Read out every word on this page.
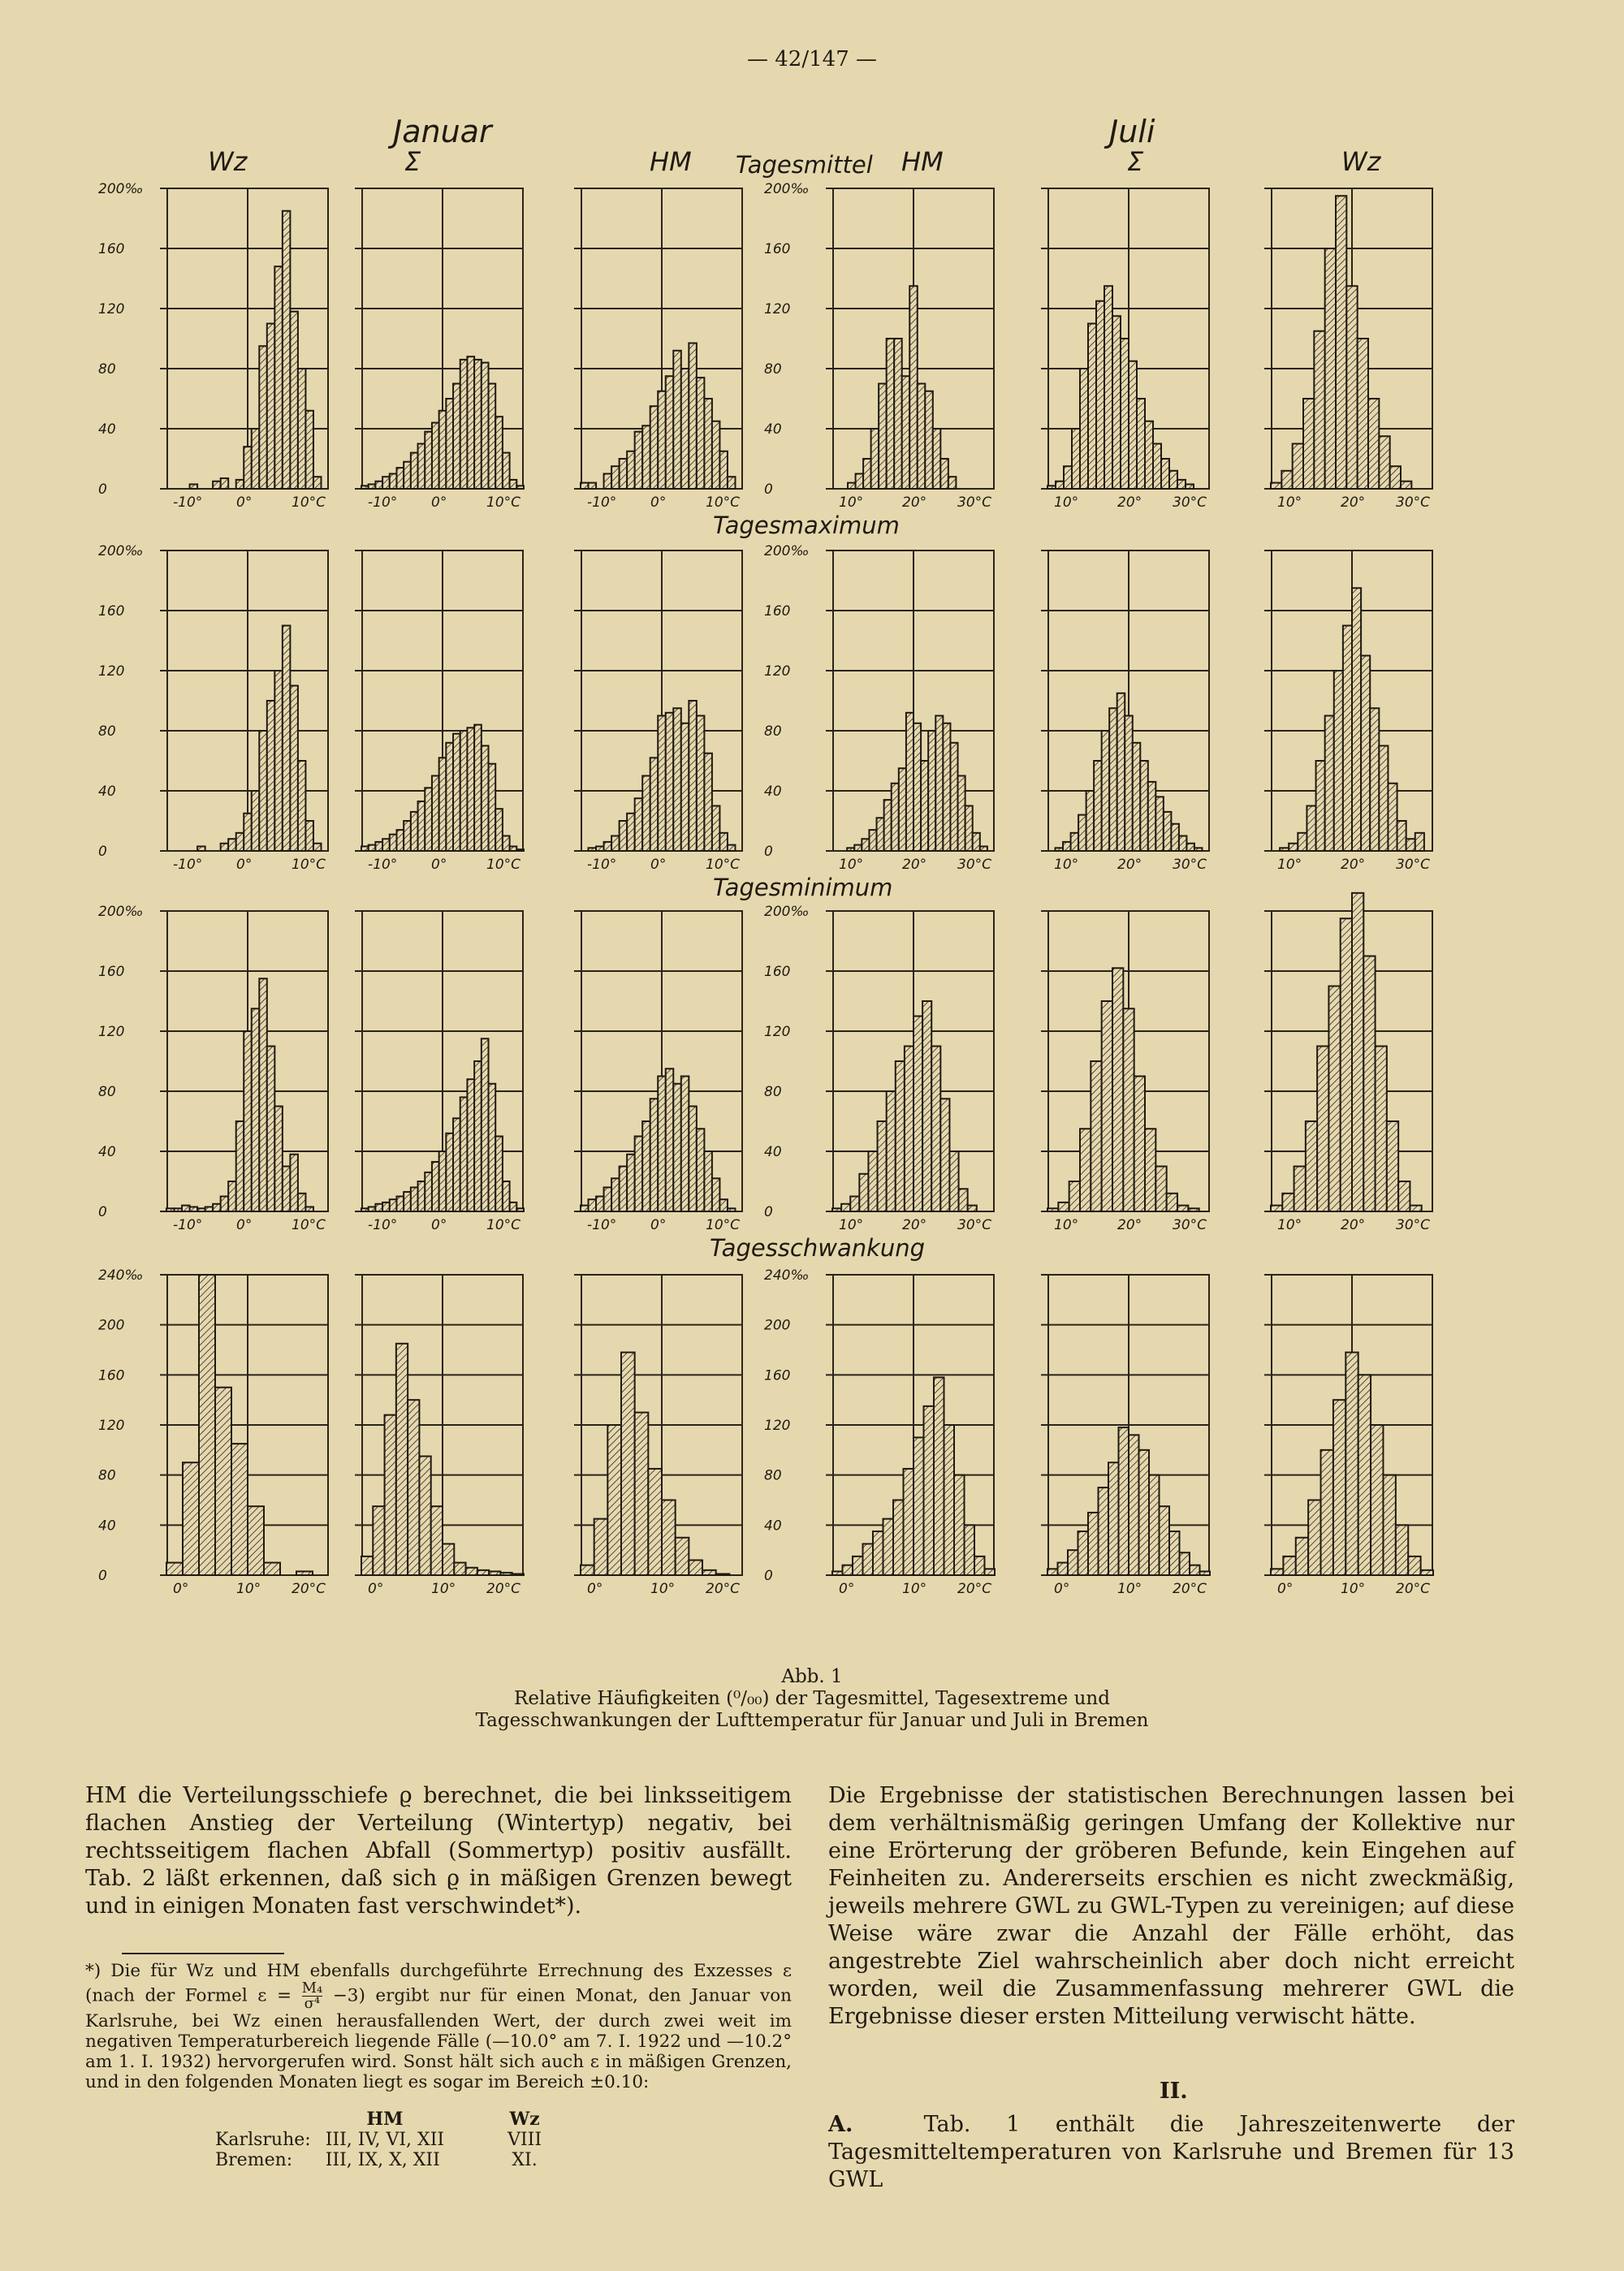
— 42/147 —
Januar	Juli
Wz	Σ	HM	HM	Σ	Wz
Tagesmittel
Tagesmaximum
Tagesminimum
Tagesschwankung
200‰
160
120
80
40
0
-10° 0°	10°C	-10° 0°	10°C	-10° 0°	10°C
200‰
160
120
80
40
0
10°	20° 30°C	10°	20° 30°C	10°	20° 30°C
200‰
160
120
80
40
0
-10° 0°	10°C	-10° 0°	10°C	-10° 0°	10°C
200‰
160
120
80
40
0
10°	20° 30°C	10°	20° 30°C	10°	20° 30°C
200‰
160
120
80
40
0
-10° 0°	10°C	-10° 0°	10°C	-10° 0°	10°C
200‰
160
120
80
40
0
10°	20° 30°C	10°	20° 30°C	10°	20° 30°C
240‰
200
160
120
80
40
0
0°	10° 20°C	0°	10° 20°C	0°	10° 20°C
240‰
200
160
120
80
40
0
0°	10° 20°C	0°	10° 20°C	0°	10° 20°C
Abb. 1
Relative Häufigkeiten (⁰/₀₀) der Tagesmittel, Tagesextreme und Tagesschwankungen der Lufttemperatur für Januar und Juli in Bremen
HM die Verteilungsschiefe ϱ berechnet, die bei linksseitigem flachen Anstieg der Verteilung (Wintertyp) negativ, bei rechtsseitigem flachen Abfall (Sommertyp) positiv ausfällt. Tab. 2 läßt erkennen, daß sich ϱ in mäßigen Grenzen bewegt und in einigen Monaten fast verschwindet*).
*) Die für Wz und HM ebenfalls durchgeführte Errechnung des Exzesses ε (nach der Formel $\varepsilon = \frac{\text{M₄}}{\text{σ⁴}} -3$) ergibt nur für einen Monat, den Januar von Karlsruhe, bei Wz einen herausfallenden Wert, der durch zwei weit im negativen Temperaturbereich liegende Fälle (—10.0° am 7. I. 1922 und —10.2° am 1. I. 1932) hervorgerufen wird. Sonst hält sich auch ε in mäßigen Grenzen, und in den folgenden Monaten liegt es sogar im Bereich ±0.10:
	HM	Wz
Karlsruhe:	III, IV, VI, XII	VIII
Bremen:	III, IX, X, XII	XI.
Die Ergebnisse der statistischen Berechnungen lassen bei dem verhältnismäßig geringen Umfang der Kollektive nur eine Erörterung der gröberen Befunde, kein Eingehen auf Feinheiten zu. Andererseits erschien es nicht zweckmäßig, jeweils mehrere GWL zu GWL-Typen zu vereinigen; auf diese Weise wäre zwar die Anzahl der Fälle erhöht, das angestrebte Ziel wahrscheinlich aber doch nicht erreicht worden, weil die Zusammenfassung mehrerer GWL die Ergebnisse dieser ersten Mitteilung verwischt hätte.
II.
A.	Tab. 1 enthält die Jahreszeitenwerte der Tagesmitteltemperaturen von Karlsruhe und Bremen für 13 GWL
